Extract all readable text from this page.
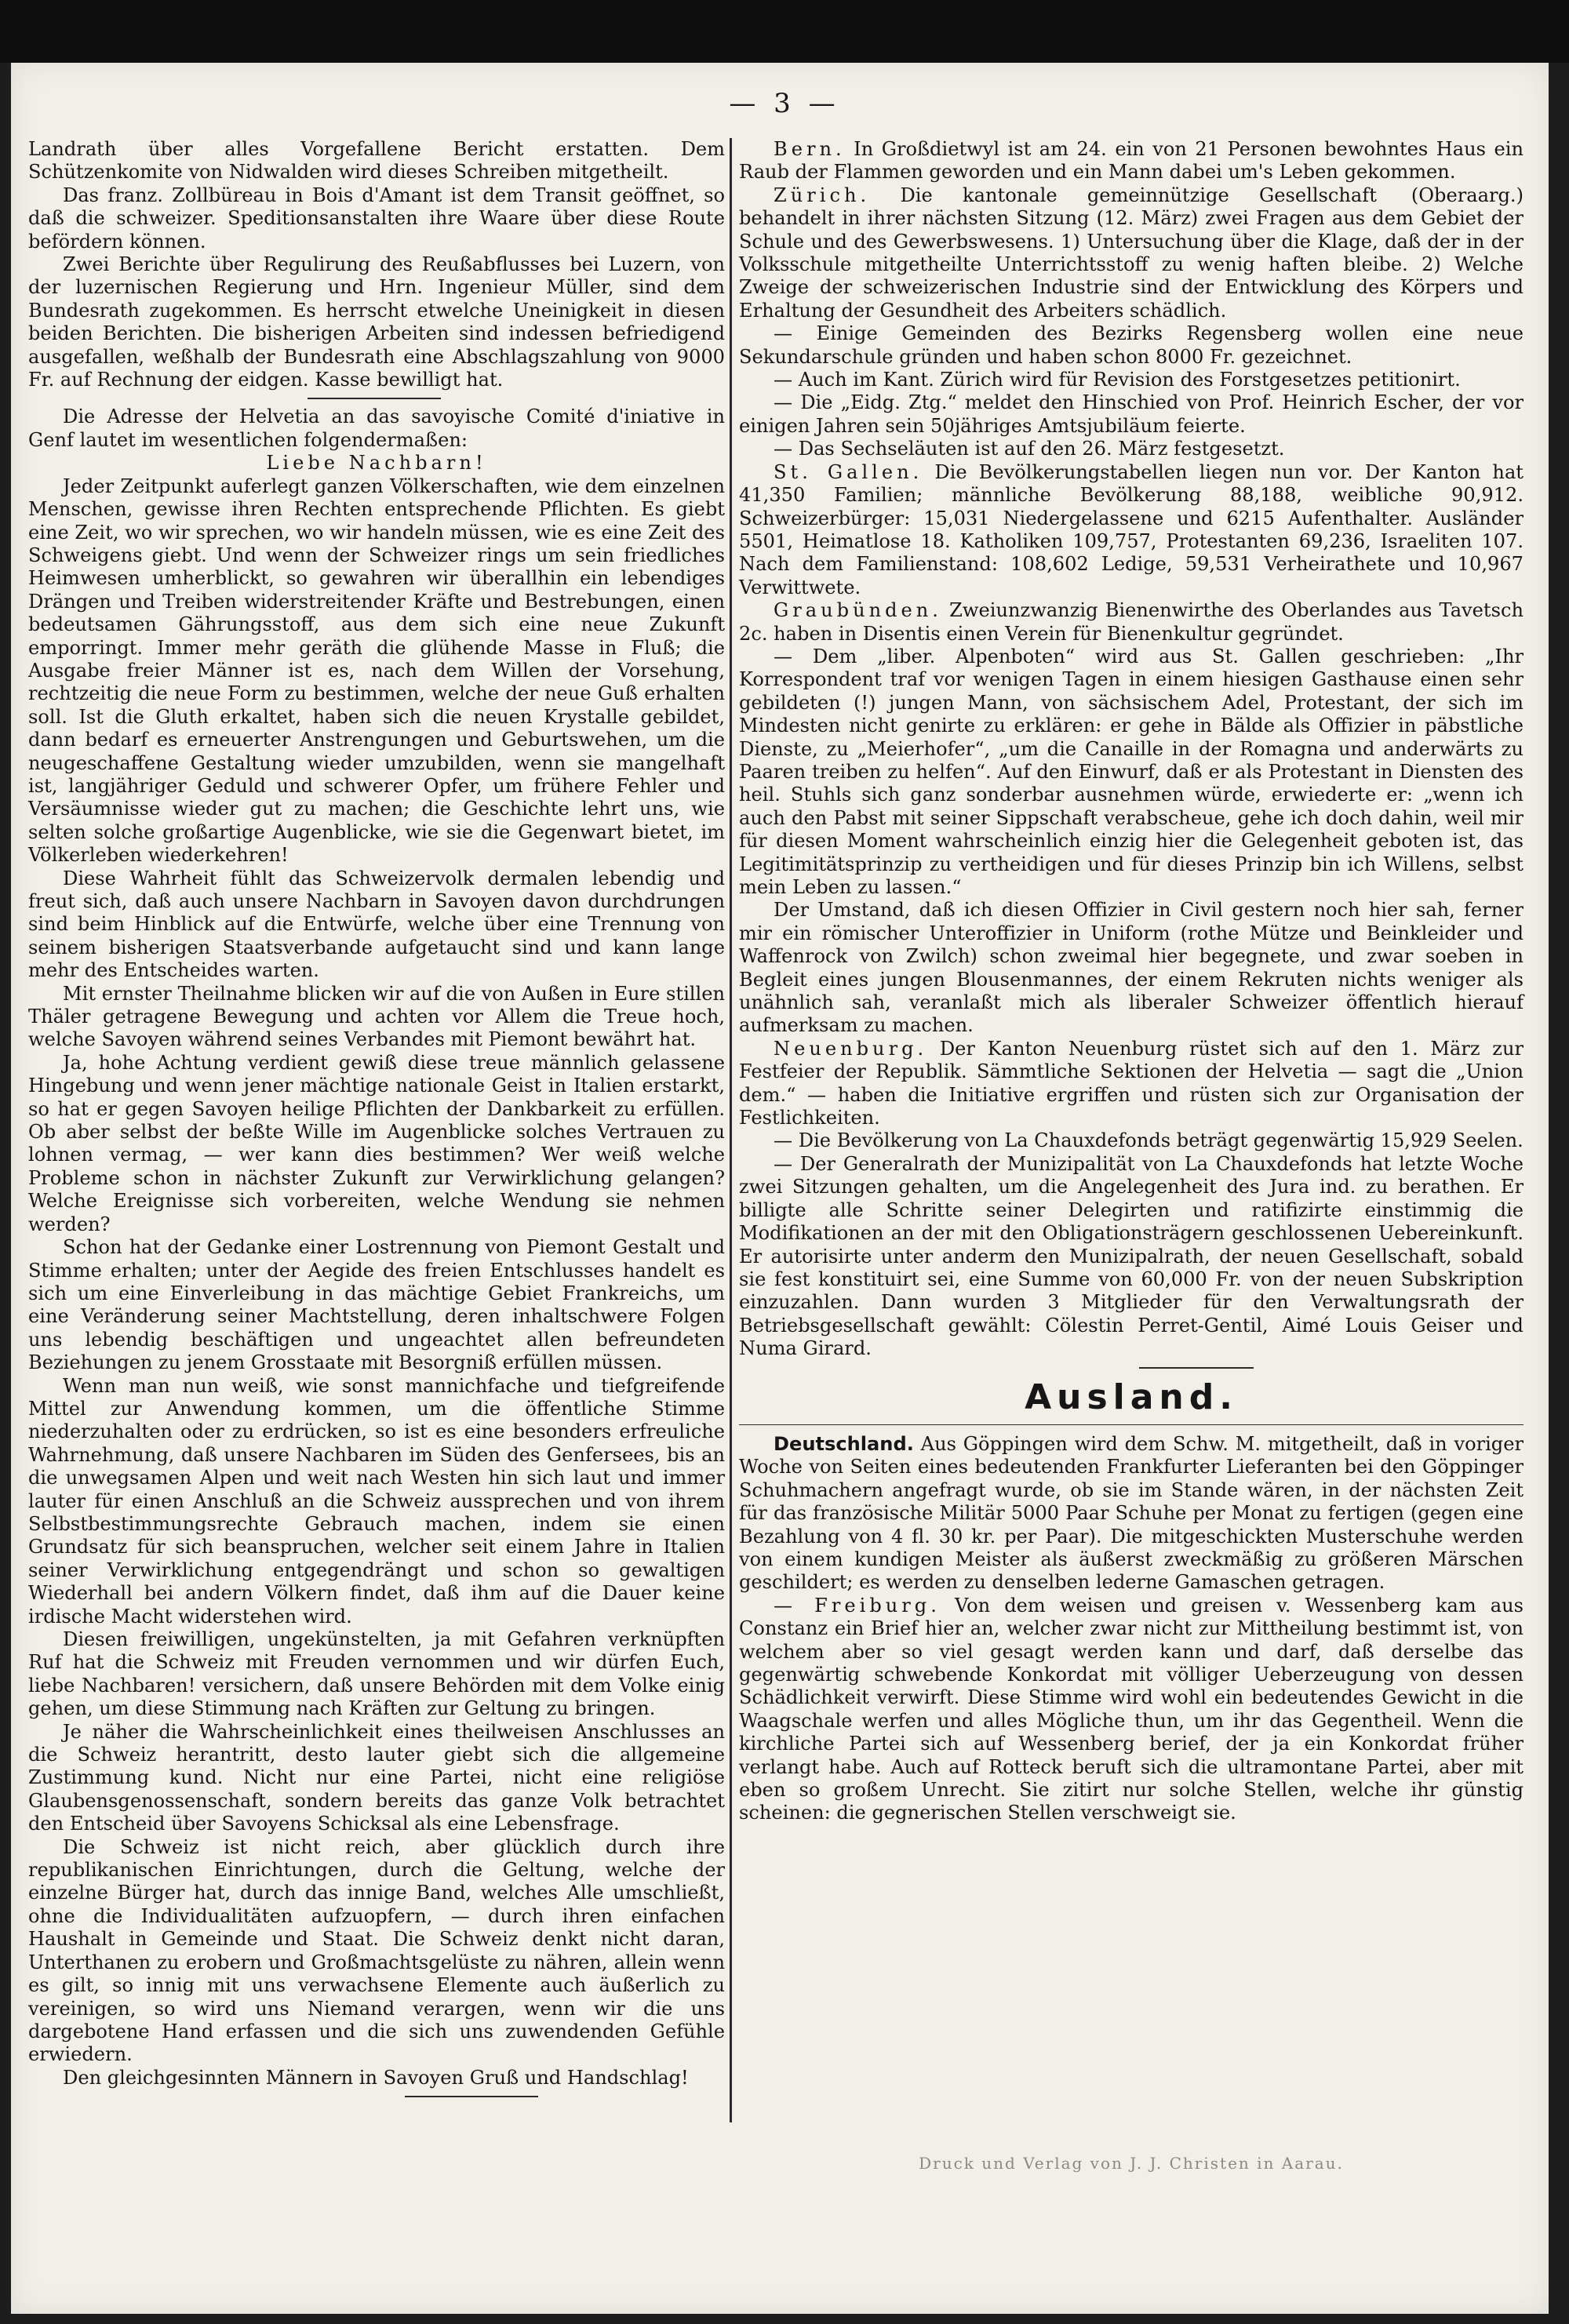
— 3 —

Landrath über alles Vorgefallene Bericht erstatten. Dem Schützenkomite von Nidwalden wird dieses Schreiben mitgetheilt.

Das franz. Zollbüreau in Bois d'Amant ist dem Transit geöffnet, so daß die schweizer. Speditionsanstalten ihre Waare über diese Route befördern können.

Zwei Berichte über Regulirung des Reußabflusses bei Luzern, von der luzernischen Regierung und Hrn. Ingenieur Müller, sind dem Bundesrath zugekommen. Es herrscht etwelche Uneinigkeit in diesen beiden Berichten. Die bisherigen Arbeiten sind indessen befriedigend ausgefallen, weßhalb der Bundesrath eine Abschlagszahlung von 9000 Fr. auf Rechnung der eidgen. Kasse bewilligt hat.

Die Adresse der Helvetia an das savoyische Comité d'iniative in Genf lautet im wesentlichen folgendermaßen:

Liebe Nachbarn!

Jeder Zeitpunkt auferlegt ganzen Völkerschaften, wie dem einzelnen Menschen, gewisse ihren Rechten entsprechende Pflichten. Es giebt eine Zeit, wo wir sprechen, wo wir handeln müssen, wie es eine Zeit des Schweigens giebt. Und wenn der Schweizer rings um sein friedliches Heimwesen umherblickt, so gewahren wir überallhin ein lebendiges Drängen und Treiben widerstreitender Kräfte und Bestrebungen, einen bedeutsamen Gährungsstoff, aus dem sich eine neue Zukunft emporringt. Immer mehr geräth die glühende Masse in Fluß; die Ausgabe freier Männer ist es, nach dem Willen der Vorsehung, rechtzeitig die neue Form zu bestimmen, welche der neue Guß erhalten soll. Ist die Gluth erkaltet, haben sich die neuen Krystalle gebildet, dann bedarf es erneuerter Anstrengungen und Geburtswehen, um die neugeschaffene Gestaltung wieder umzubilden, wenn sie mangelhaft ist, langjähriger Geduld und schwerer Opfer, um frühere Fehler und Versäumnisse wieder gut zu machen; die Geschichte lehrt uns, wie selten solche großartige Augenblicke, wie sie die Gegenwart bietet, im Völkerleben wiederkehren!

Diese Wahrheit fühlt das Schweizervolk dermalen lebendig und freut sich, daß auch unsere Nachbarn in Savoyen davon durchdrungen sind beim Hinblick auf die Entwürfe, welche über eine Trennung von seinem bisherigen Staatsverbande aufgetaucht sind und kann lange mehr des Entscheides warten.

Mit ernster Theilnahme blicken wir auf die von Außen in Eure stillen Thäler getragene Bewegung und achten vor Allem die Treue hoch, welche Savoyen während seines Verbandes mit Piemont bewährt hat.

Ja, hohe Achtung verdient gewiß diese treue männlich gelassene Hingebung und wenn jener mächtige nationale Geist in Italien erstarkt, so hat er gegen Savoyen heilige Pflichten der Dankbarkeit zu erfüllen. Ob aber selbst der beßte Wille im Augenblicke solches Vertrauen zu lohnen vermag, — wer kann dies bestimmen? Wer weiß welche Probleme schon in nächster Zukunft zur Verwirklichung gelangen? Welche Ereignisse sich vorbereiten, welche Wendung sie nehmen werden?

Schon hat der Gedanke einer Lostrennung von Piemont Gestalt und Stimme erhalten; unter der Aegide des freien Entschlusses handelt es sich um eine Einverleibung in das mächtige Gebiet Frankreichs, um eine Veränderung seiner Machtstellung, deren inhaltschwere Folgen uns lebendig beschäftigen und ungeachtet allen befreundeten Beziehungen zu jenem Grosstaate mit Besorgniß erfüllen müssen.

Wenn man nun weiß, wie sonst mannichfache und tiefgreifende Mittel zur Anwendung kommen, um die öffentliche Stimme niederzuhalten oder zu erdrücken, so ist es eine besonders erfreuliche Wahrnehmung, daß unsere Nachbaren im Süden des Genfersees, bis an die unwegsamen Alpen und weit nach Westen hin sich laut und immer lauter für einen Anschluß an die Schweiz aussprechen und von ihrem Selbstbestimmungsrechte Gebrauch machen, indem sie einen Grundsatz für sich beanspruchen, welcher seit einem Jahre in Italien seiner Verwirklichung entgegendrängt und schon so gewaltigen Wiederhall bei andern Völkern findet, daß ihm auf die Dauer keine irdische Macht widerstehen wird.

Diesen freiwilligen, ungekünstelten, ja mit Gefahren verknüpften Ruf hat die Schweiz mit Freuden vernommen und wir dürfen Euch, liebe Nachbaren! versichern, daß unsere Behörden mit dem Volke einig gehen, um diese Stimmung nach Kräften zur Geltung zu bringen.

Je näher die Wahrscheinlichkeit eines theilweisen Anschlusses an die Schweiz herantritt, desto lauter giebt sich die allgemeine Zustimmung kund. Nicht nur eine Partei, nicht eine religiöse Glaubensgenossenschaft, sondern bereits das ganze Volk betrachtet den Entscheid über Savoyens Schicksal als eine Lebensfrage.

Die Schweiz ist nicht reich, aber glücklich durch ihre republikanischen Einrichtungen, durch die Geltung, welche der einzelne Bürger hat, durch das innige Band, welches Alle umschließt, ohne die Individualitäten aufzuopfern, — durch ihren einfachen Haushalt in Gemeinde und Staat. Die Schweiz denkt nicht daran, Unterthanen zu erobern und Großmachtsgelüste zu nähren, allein wenn es gilt, so innig mit uns verwachsene Elemente auch äußerlich zu vereinigen, so wird uns Niemand verargen, wenn wir die uns dargebotene Hand erfassen und die sich uns zuwendenden Gefühle erwiedern.

Den gleichgesinnten Männern in Savoyen Gruß und Handschlag!

Bern. In Großdietwyl ist am 24. ein von 21 Personen bewohntes Haus ein Raub der Flammen geworden und ein Mann dabei um's Leben gekommen.
(Oberaarg.)

Zürich. Die kantonale gemeinnützige Gesellschaft behandelt in ihrer nächsten Sitzung (12. März) zwei Fragen aus dem Gebiet der Schule und des Gewerbswesens. 1) Untersuchung über die Klage, daß der in der Volksschule mitgetheilte Unterrichtsstoff zu wenig haften bleibe. 2) Welche Zweige der schweizerischen Industrie sind der Entwicklung des Körpers und Erhaltung der Gesundheit des Arbeiters schädlich.

— Einige Gemeinden des Bezirks Regensberg wollen eine neue Sekundarschule gründen und haben schon 8000 Fr. gezeichnet.

— Auch im Kant. Zürich wird für Revision des Forstgesetzes petitionirt.

— Die „Eidg. Ztg.“ meldet den Hinschied von Prof. Heinrich Escher, der vor einigen Jahren sein 50jähriges Amtsjubiläum feierte.

— Das Sechseläuten ist auf den 26. März festgesetzt.

St. Gallen. Die Bevölkerungstabellen liegen nun vor. Der Kanton hat 41,350 Familien; männliche Bevölkerung 88,188, weibliche 90,912. Schweizerbürger: 15,031 Niedergelassene und 6215 Aufenthalter. Ausländer 5501, Heimatlose 18. Katholiken 109,757, Protestanten 69,236, Israeliten 107. Nach dem Familienstand: 108,602 Ledige, 59,531 Verheirathete und 10,967 Verwittwete.

Graubünden. Zweiunzwanzig Bienenwirthe des Oberlandes aus Tavetsch 2c. haben in Disentis einen Verein für Bienenkultur gegründet.

— Dem „liber. Alpenboten“ wird aus St. Gallen geschrieben: „Ihr Korrespondent traf vor wenigen Tagen in einem hiesigen Gasthause einen sehr gebildeten (!) jungen Mann, von sächsischem Adel, Protestant, der sich im Mindesten nicht genirte zu erklären: er gehe in Bälde als Offizier in päbstliche Dienste, zu „Meierhofer“, „um die Canaille in der Romagna und anderwärts zu Paaren treiben zu helfen“. Auf den Einwurf, daß er als Protestant in Diensten des heil. Stuhls sich ganz sonderbar ausnehmen würde, erwiederte er: „wenn ich auch den Pabst mit seiner Sippschaft verabscheue, gehe ich doch dahin, weil mir für diesen Moment wahrscheinlich einzig hier die Gelegenheit geboten ist, das Legitimitätsprinzip zu vertheidigen und für dieses Prinzip bin ich Willens, selbst mein Leben zu lassen.“

Der Umstand, daß ich diesen Offizier in Civil gestern noch hier sah, ferner mir ein römischer Unteroffizier in Uniform (rothe Mütze und Beinkleider und Waffenrock von Zwilch) schon zweimal hier begegnete, und zwar soeben in Begleit eines jungen Blousenmannes, der einem Rekruten nichts weniger als unähnlich sah, veranlaßt mich als liberaler Schweizer öffentlich hierauf aufmerksam zu machen.

Neuenburg. Der Kanton Neuenburg rüstet sich auf den 1. März zur Festfeier der Republik. Sämmtliche Sektionen der Helvetia — sagt die „Union dem.“ — haben die Initiative ergriffen und rüsten sich zur Organisation der Festlichkeiten.

— Die Bevölkerung von La Chauxdefonds beträgt gegenwärtig 15,929 Seelen.

— Der Generalrath der Munizipalität von La Chauxdefonds hat letzte Woche zwei Sitzungen gehalten, um die Angelegenheit des Jura ind. zu berathen. Er billigte alle Schritte seiner Delegirten und ratifizirte einstimmig die Modifikationen an der mit den Obligationsträgern geschlossenen Uebereinkunft. Er autorisirte unter anderm den Munizipalrath, der neuen Gesellschaft, sobald sie fest konstituirt sei, eine Summe von 60,000 Fr. von der neuen Subskription einzuzahlen. Dann wurden 3 Mitglieder für den Verwaltungsrath der Betriebsgesellschaft gewählt: Cölestin Perret-Gentil, Aimé Louis Geiser und Numa Girard.

Ausland.

Deutschland. Aus Göppingen wird dem Schw. M. mitgetheilt, daß in voriger Woche von Seiten eines bedeutenden Frankfurter Lieferanten bei den Göppinger Schuhmachern angefragt wurde, ob sie im Stande wären, in der nächsten Zeit für das französische Militär 5000 Paar Schuhe per Monat zu fertigen (gegen eine Bezahlung von 4 fl. 30 kr. per Paar). Die mitgeschickten Musterschuhe werden von einem kundigen Meister als äußerst zweckmäßig zu größeren Märschen geschildert; es werden zu denselben lederne Gamaschen getragen.

— Freiburg. Von dem weisen und greisen v. Wessenberg kam aus Constanz ein Brief hier an, welcher zwar nicht zur Mittheilung bestimmt ist, von welchem aber so viel gesagt werden kann und darf, daß derselbe das gegenwärtig schwebende Konkordat mit völliger Ueberzeugung von dessen Schädlichkeit verwirft. Diese Stimme wird wohl ein bedeutendes Gewicht in die Waagschale werfen und alles Mögliche thun, um ihr das Gegentheil. Wenn die kirchliche Partei sich auf Wessenberg berief, der ja ein Konkordat früher verlangt habe. Auch auf Rotteck beruft sich die ultramontane Partei, aber mit eben so großem Unrecht. Sie zitirt nur solche Stellen, welche ihr günstig scheinen: die gegnerischen Stellen verschweigt sie.

Druck und Verlag von J. J. Christen in Aarau.
